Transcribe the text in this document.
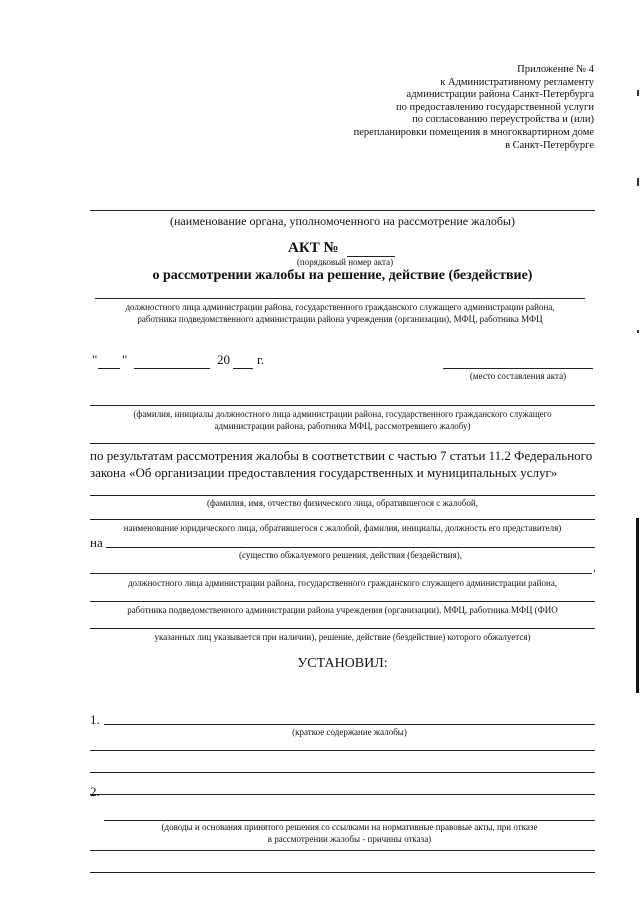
Приложение № 4
к Административному регламенту
администрации района Санкт-Петербурга
по предоставлению государственной услуги
по согласованию переустройства и (или)
перепланировки помещения в многоквартирном доме
в Санкт-Петербурге
(наименование органа, уполномоченного на рассмотрение жалобы)
АКТ №
(порядковый номер акта)
о рассмотрении жалобы на решение, действие (бездействие)
должностного лица администрации района, государственного гражданского служащего администрации района,
работника подведомственного администрации района учреждения (организации), МФЦ, работника МФЦ
" "	20 г.
(место составления акта)
(фамилия, инициалы должностного лица администрации района, государственного гражданского служащего
администрации района, работника МФЦ, рассмотревшего жалобу)
по результатам рассмотрения жалобы в соответствии с частью 7 статьи 11.2 Федерального
закона «Об организации предоставления государственных и муниципальных услуг»
(фамилия, имя, отчество физического лица, обратившегося с жалобой,
наименование юридического лица, обратившегося с жалобой, фамилия, инициалы, должность его представителя)
на
(существо обжалуемого решения, действия (бездействия),
,
должностного лица администрации района, государственного гражданского служащего администрации района,
работника подведомственного администрации района учреждения (организации), МФЦ, работника МФЦ (ФИО
указанных лиц указывается при наличии), решение, действие (бездействие) которого обжалуется)
УСТАНОВИЛ:
1.
(краткое содержание жалобы)
2.
(доводы и основания принятого решения со ссылками на нормативные правовые акты, при отказе
в рассмотрении жалобы - причины отказа)
